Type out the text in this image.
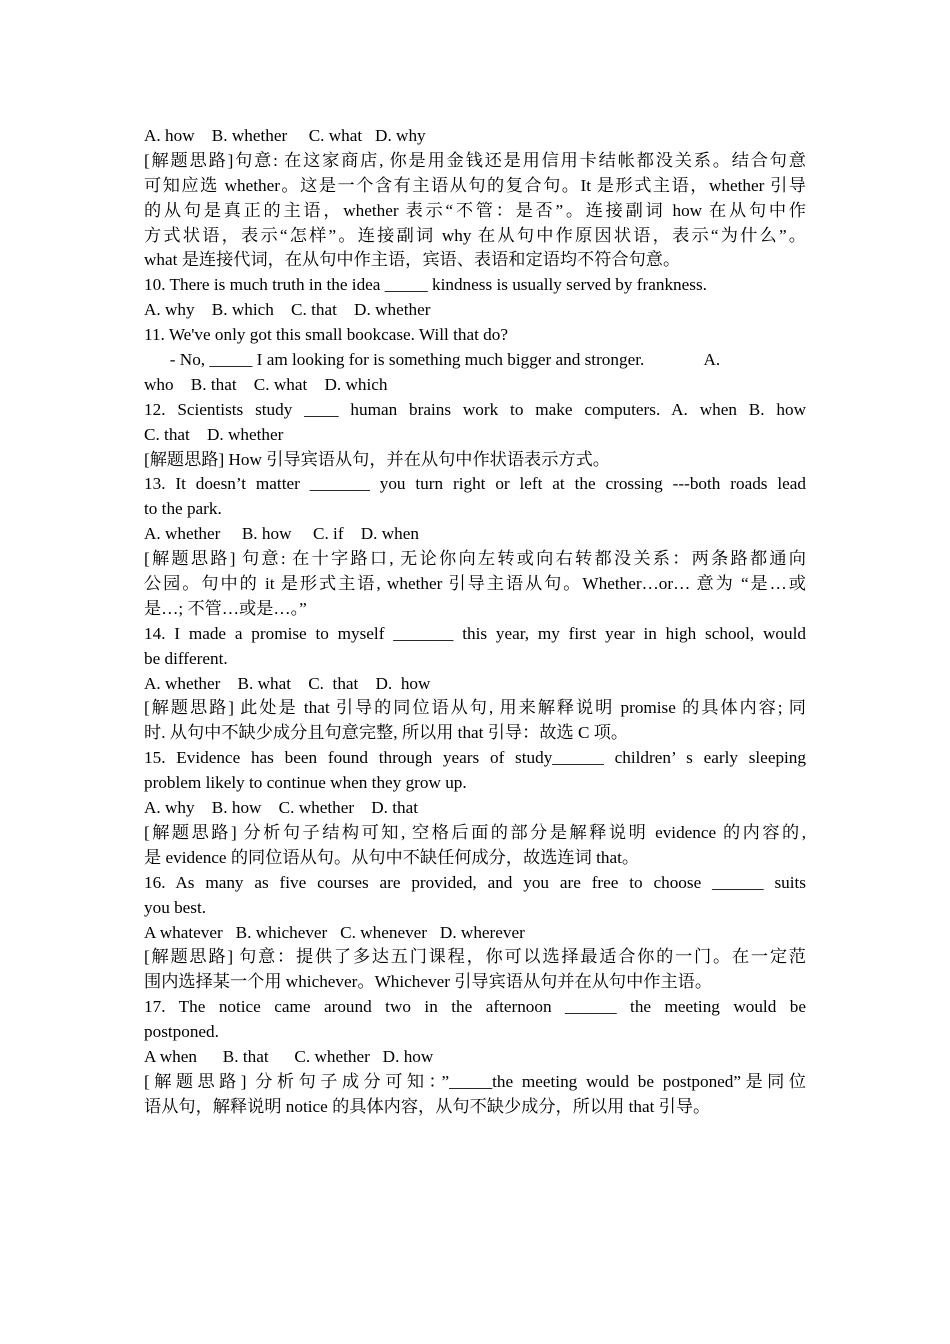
A. how    B. whether     C. what   D. why
[解题思路]句意: 在这家商店, 你是用金钱还是用信用卡结帐都没关系。结合句意
可知应选 whether。这是一个含有主语从句的复合句。It 是形式主语，whether 引导
的从句是真正的主语，whether 表示“不管：是否”。连接副词 how 在从句中作
方式状语，表示“怎样”。连接副词 why 在从句中作原因状语，表示“为什么”。
what 是连接代词，在从句中作主语，宾语、表语和定语均不符合句意。
10. There is much truth in the idea _____ kindness is usually served by frankness.
A. why    B. which    C. that    D. whether
11. We've only got this small bookcase. Will that do?
- No, _____ I am looking for is something much bigger and stronger.              A.
who    B. that    C. what    D. which
12. Scientists study ____ human brains work to make computers. A. when B. how
C. that    D. whether
[解题思路] How 引导宾语从句，并在从句中作状语表示方式。
13. It doesn’t matter _______ you turn right or left at the crossing ---both roads lead
to the park.
A. whether     B. how     C. if    D. when
[解题思路] 句意: 在十字路口, 无论你向左转或向右转都没关系：两条路都通向
公园。句中的 it 是形式主语, whether 引导主语从句。Whether…or… 意为 “是…或
是…; 不管…或是…。”
14. I made a promise to myself _______ this year, my first year in high school, would
be different.
A. whether    B. what    C.  that    D.  how
[解题思路] 此处是 that 引导的同位语从句, 用来解释说明 promise 的具体内容; 同
时. 从句中不缺少成分且句意完整, 所以用 that 引导：故选 C 项。
15. Evidence has been found through years of study______ children’ s early sleeping
problem likely to continue when they grow up.
A. why    B. how    C. whether    D. that
[解题思路] 分析句子结构可知, 空格后面的部分是解释说明 evidence 的内容的,
是 evidence 的同位语从句。从句中不缺任何成分，故选连词 that。
16. As many as five courses are provided, and you are free to choose ______ suits
you best.
A whatever   B. whichever   C. whenever   D. wherever
[解题思路] 句意：提供了多达五门课程，你可以选择最适合你的一门。在一定范
围内选择某一个用 whichever。Whichever 引导宾语从句并在从句中作主语。
17. The notice came around two in the afternoon ______ the meeting would be
postponed.
A when      B. that      C. whether   D. how
[解题思路] 分析句子成分可知：”_____the meeting would be postponed”是同位
语从句，解释说明 notice 的具体内容，从句不缺少成分，所以用 that 引导。
